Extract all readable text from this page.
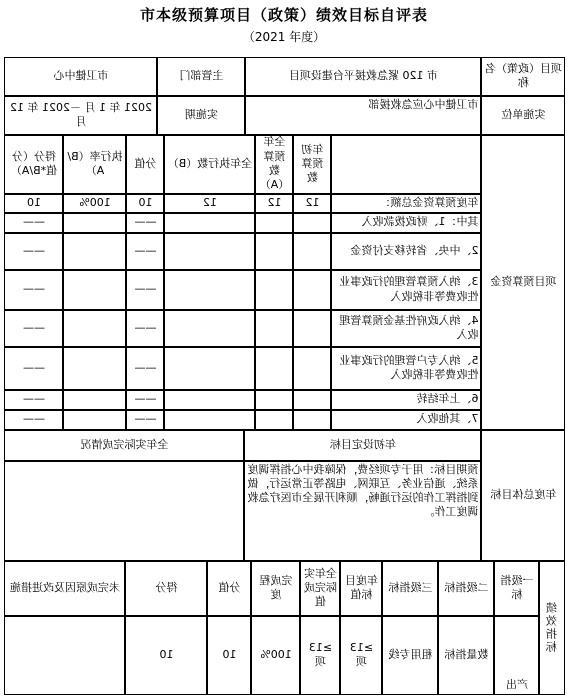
市本级预算项目（政策）绩效目标自评表
（2021 年度）
项目（政策）名称
市 120 紧急救援平台建设项目
主管部门
市卫健中心
实施单位
市卫健中心应急救援部
实施期
2021 年 1 月 －2021 年 12 月
项目预算资金
年初预算数
全年预算数（A）
全年执行数（B）
分值
执行率（B/A）
得分（分值*B/A）
年度预算资金总额：
12
12
12
10
100%
10
其中：1、财政拨款收入
——
——
2、中央、省转移支付资金
——
——
3、纳入预算管理的行政事业性收费等非税收入
——
——
4、纳入政府性基金预算管理收入
——
——
5、纳入专户管理的行政事业性收费等非税收入
——
——
6、上年结转
——
——
7、其他收入
——
——
年度总体目标
年初设定目标
全年实际完成情况
预期目标：用于专项经费，保障我中心指挥调度系统、通信业务、互联网、电路等正常运行，做到指挥工作的运行通畅，顺利开展全市医疗急救调度工作。
绩效指标
一级指标
二级指标
三级指标
年度目标值
全年实际完成值
完成程度
分值
得分
未完成原因及改进措施
产出
数量指标
租用专线
≥13 项
≥13 项
100%
10
10
